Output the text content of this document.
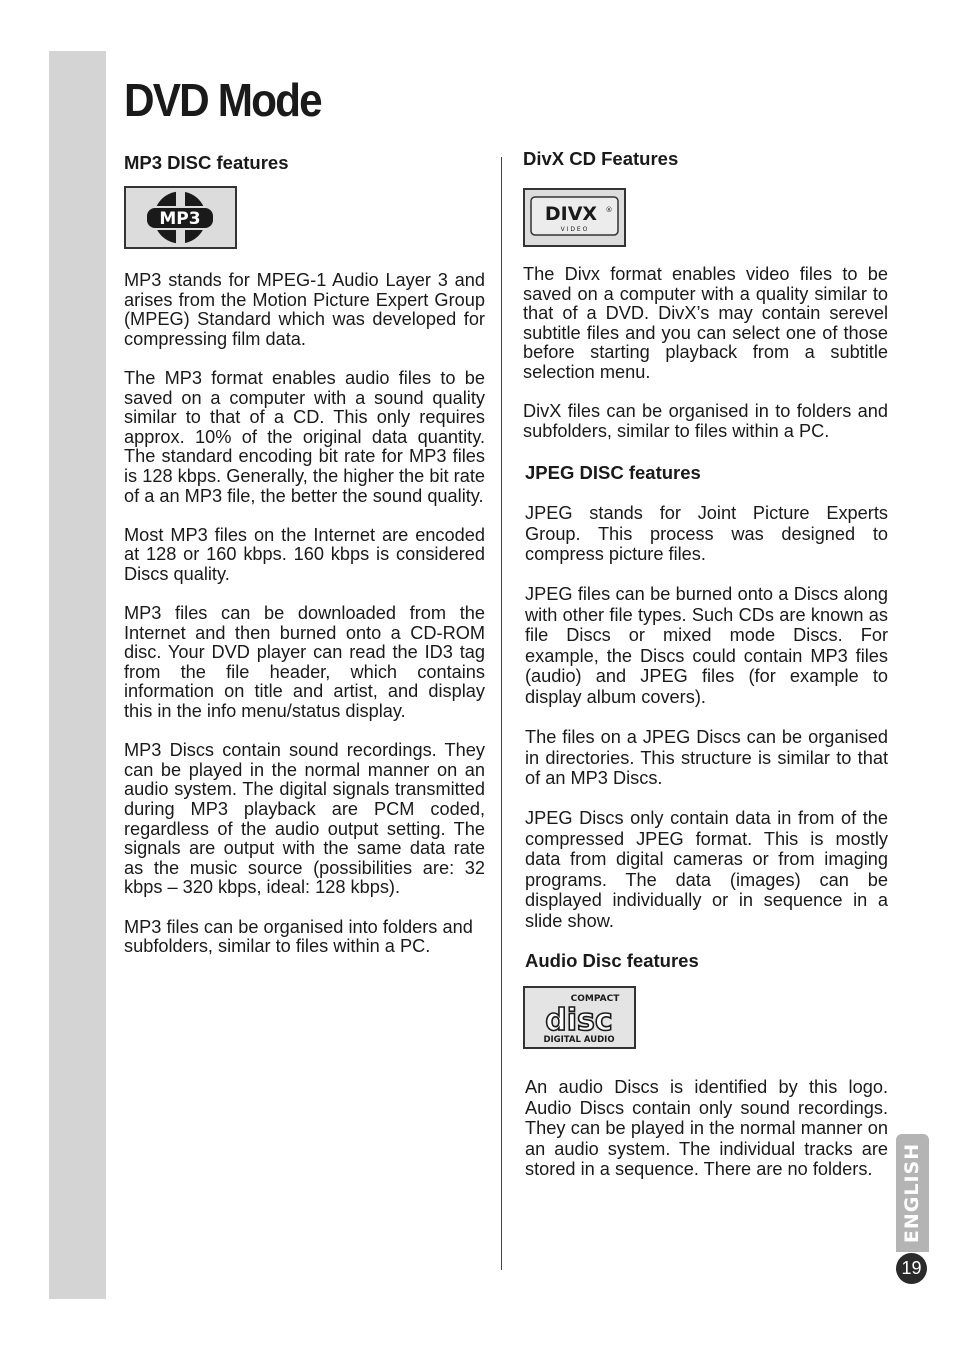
DVD Mode
MP3 DISC features
MP3

MP3 stands for MPEG-1 Audio Layer 3 and arises from the Motion Picture Expert Group (MPEG) Standard which was developed for compressing film data.

The MP3 format enables audio files to be saved on a computer with a sound quality similar to that of a CD. This only requires approx. 10% of the original data quantity. The standard encoding bit rate for MP3 files is 128 kbps. Generally, the higher the bit rate of a an MP3 file, the better the sound quality.

Most MP3 files on the Internet are encoded at 128 or 160 kbps. 160 kbps is considered Discs quality.

MP3 files can be downloaded from the Internet and then burned onto a CD-ROM disc. Your DVD player can read the ID3 tag from the file header, which contains information on title and artist, and display this in the info menu/status display.

MP3 Discs contain sound recordings. They can be played in the normal manner on an audio system. The digital signals transmitted during MP3 playback are PCM coded, regardless of the audio output setting. The signals are output with the same data rate as the music source (possibilities are: 32 kbps – 320 kbps, ideal: 128 kbps).

MP3 files can be organised into folders and subfolders, similar to files within a PC.

DivX CD Features
DIVX ®
V I D E O

The Divx format enables video files to be saved on a computer with a quality similar to that of a DVD. DivX’s may contain serevel subtitle files and you can select one of those before starting playback from a subtitle selection menu.

DivX files can be organised in to folders and subfolders, similar to files within a PC.

JPEG DISC features

JPEG stands for Joint Picture Experts Group. This process was designed to compress picture files.

JPEG files can be burned onto a Discs along with other file types. Such CDs are known as file Discs or mixed mode Discs. For example, the Discs could contain MP3 files (audio) and JPEG files (for example to display album covers).

The files on a JPEG Discs can be organised in directories. This structure is similar to that of an MP3 Discs.

JPEG Discs only contain data in from of the compressed JPEG format. This is mostly data from digital cameras or from imaging programs. The data (images) can be displayed individually or in sequence in a slide show.

Audio Disc features
COMPACT
disc
DIGITAL AUDIO

An audio Discs is identified by this logo. Audio Discs contain only sound recordings. They can be played in the normal manner on an audio system. The individual tracks are stored in a sequence. There are no folders.	ENGLISH
19
